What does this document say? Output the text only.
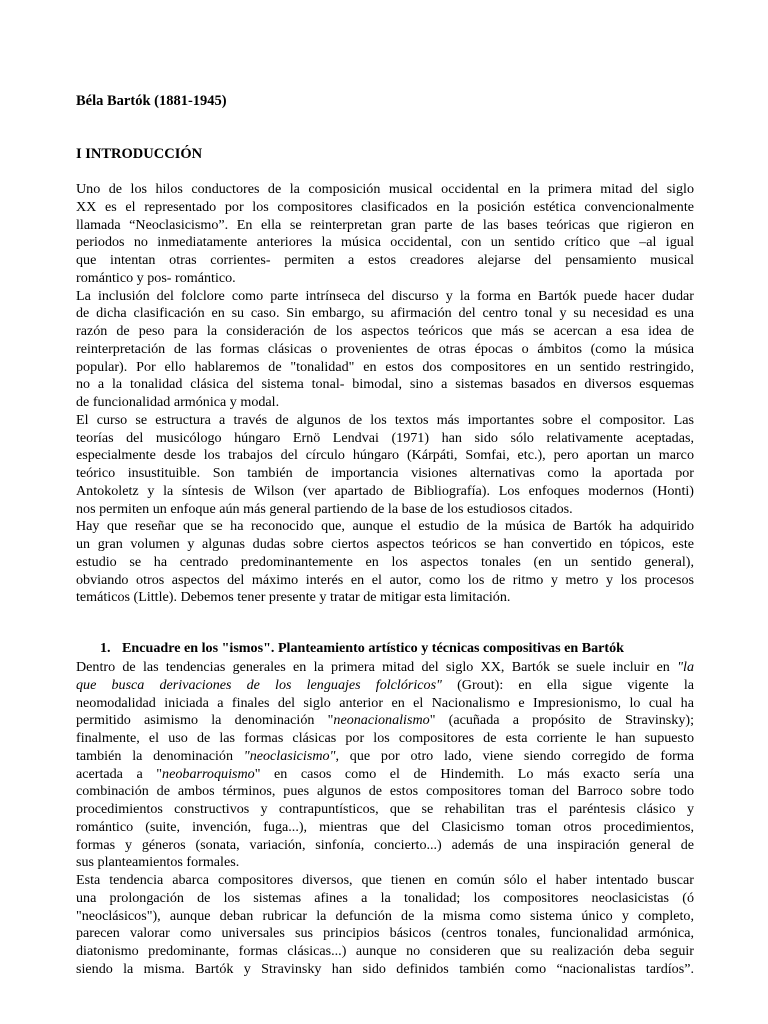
Béla Bartók (1881-1945)
I INTRODUCCIÓN

Uno de los hilos conductores de la composición musical occidental en la primera mitad del siglo
XX es el representado por los compositores clasificados en la posición estética convencionalmente
llamada “Neoclasicismo”. En ella se reinterpretan gran parte de las bases teóricas que rigieron en
periodos no inmediatamente anteriores la música occidental, con un sentido crítico que –al igual
que intentan otras corrientes- permiten a estos creadores alejarse del pensamiento musical
romántico y pos- romántico.

La inclusión del folclore como parte intrínseca del discurso y la forma en Bartók puede hacer dudar
de dicha clasificación en su caso. Sin embargo, su afirmación del centro tonal y su necesidad es una
razón de peso para la consideración de los aspectos teóricos que más se acercan a esa idea de
reinterpretación de las formas clásicas o provenientes de otras épocas o ámbitos (como la música
popular). Por ello hablaremos de "tonalidad" en estos dos compositores en un sentido restringido,
no a la tonalidad clásica del sistema tonal- bimodal, sino a sistemas basados en diversos esquemas
de funcionalidad armónica y modal.

El curso se estructura a través de algunos de los textos más importantes sobre el compositor. Las
teorías del musicólogo húngaro Ernö Lendvai (1971) han sido sólo relativamente aceptadas,
especialmente desde los trabajos del círculo húngaro (Kárpáti, Somfai, etc.), pero aportan un marco
teórico insustituible. Son también de importancia visiones alternativas como la aportada por
Antokoletz y la síntesis de Wilson (ver apartado de Bibliografía). Los enfoques modernos (Honti)
nos permiten un enfoque aún más general partiendo de la base de los estudiosos citados.

Hay que reseñar que se ha reconocido que, aunque el estudio de la música de Bartók ha adquirido
un gran volumen y algunas dudas sobre ciertos aspectos teóricos se han convertido en tópicos, este
estudio se ha centrado predominantemente en los aspectos tonales (en un sentido general),
obviando otros aspectos del máximo interés en el autor, como los de ritmo y metro y los procesos
temáticos (Little). Debemos tener presente y tratar de mitigar esta limitación.

1. Encuadre en los "ismos". Planteamiento artístico y técnicas compositivas en Bartók

Dentro de las tendencias generales en la primera mitad del siglo XX, Bartók se suele incluir en "la
que busca derivaciones de los lenguajes folclóricos" (Grout): en ella sigue vigente la
neomodalidad iniciada a finales del siglo anterior en el Nacionalismo e Impresionismo, lo cual ha
permitido asimismo la denominación "neonacionalismo" (acuñada a propósito de Stravinsky);
finalmente, el uso de las formas clásicas por los compositores de esta corriente le han supuesto
también la denominación "neoclasicismo", que por otro lado, viene siendo corregido de forma
acertada a "neobarroquismo" en casos como el de Hindemith. Lo más exacto sería una
combinación de ambos términos, pues algunos de estos compositores toman del Barroco sobre todo
procedimientos constructivos y contrapuntísticos, que se rehabilitan tras el paréntesis clásico y
romántico (suite, invención, fuga...), mientras que del Clasicismo toman otros procedimientos,
formas y géneros (sonata, variación, sinfonía, concierto...) además de una inspiración general de
sus planteamientos formales.

Esta tendencia abarca compositores diversos, que tienen en común sólo el haber intentado buscar
una prolongación de los sistemas afines a la tonalidad; los compositores neoclasicistas (ó
"neoclásicos"), aunque deban rubricar la defunción de la misma como sistema único y completo,
parecen valorar como universales sus principios básicos (centros tonales, funcionalidad armónica,
diatonismo predominante, formas clásicas...) aunque no consideren que su realización deba seguir
siendo la misma. Bartók y Stravinsky han sido definidos también como “nacionalistas tardíos”.
